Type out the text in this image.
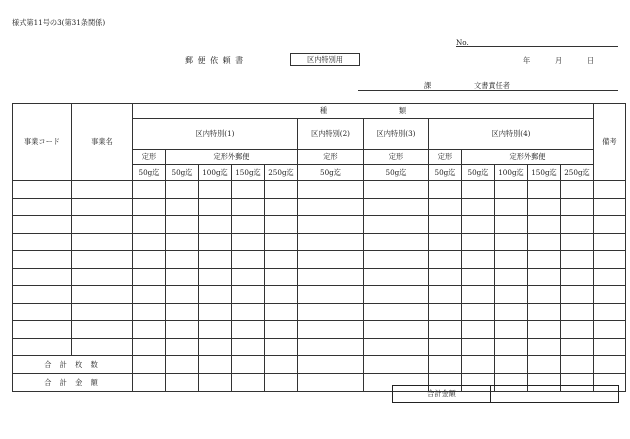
様式第11号の3(第31条関係)
No.
郵 便 依 頼 書	区内特別用	年	月	日
課	文書責任者
事業コード	事業名	種　　　　　　　　　　類												備考
		区内特別(1)					区内特別(2)	区内特別(3)	区内特別(4)					
		定形	定形外郵便				定形	定形	定形	定形外郵便				
		50g迄	50g迄	100g迄	150g迄	250g迄	50g迄	50g迄	50g迄	50g迄	100g迄	150g迄	250g迄	

合 計 枚 数														
合 計 金 額														
合計金額	
